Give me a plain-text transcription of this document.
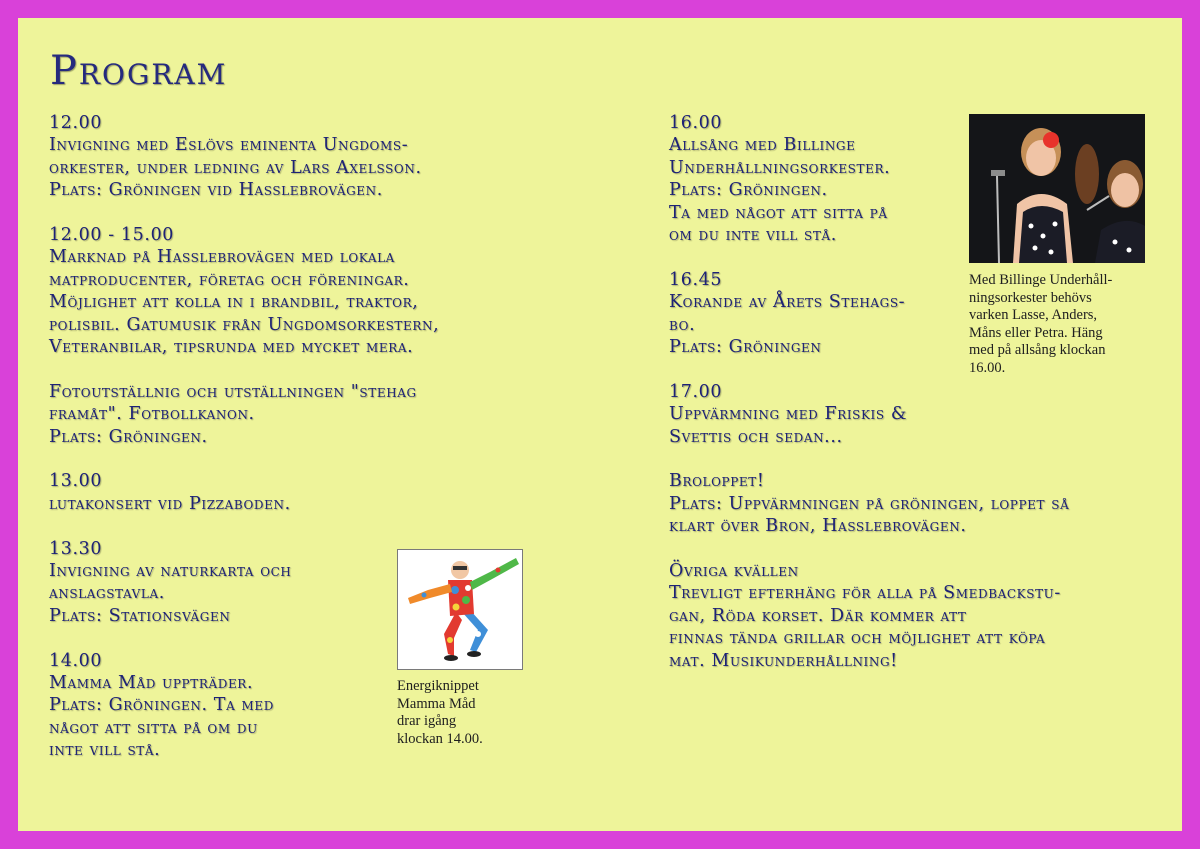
Program
12.00
Invigning med Eslövs eminenta Ungdoms-
orkester, under ledning av Lars Axelsson.
Plats: Gröningen vid Hasslebrovägen.
12.00 - 15.00
Marknad på Hasslebrovägen med lokala
matproducenter, företag och föreningar.
Möjlighet att kolla in i brandbil, traktor,
polisbil. Gatumusik från Ungdomsorkestern,
Veteranbilar, tipsrunda med mycket mera.
Fotoutställnig och utställningen "stehag
framåt". Fotbollkanon.
Plats: Gröningen.
13.00
lutakonsert vid Pizzaboden.
13.30
Invigning av naturkarta och
anslagstavla.
Plats: Stationsvägen
14.00
Mamma Måd uppträder.
Plats: Gröningen. Ta med
något att sitta på om du
inte vill stå.
16.00
Allsång med Billinge
Underhållningsorkester.
Plats: Gröningen.
Ta med något att sitta på
om du inte vill stå.
16.45
Korande av Årets Stehags-
bo.
Plats: Gröningen
17.00
Uppvärmning med Friskis &
Svettis och sedan...
Broloppet!
Plats: Uppvärmningen på gröningen, loppet så
klart över Bron, Hasslebrovägen.
Övriga kvällen
Trevligt efterhäng för alla på Smedbackstu-
gan, Röda korset. Där kommer att
finnas tända grillar och möjlighet att köpa
mat. Musikunderhållning!
Energiknippet
Mamma Måd
drar igång
klockan 14.00.
Med Billinge Underhåll-
ningsorkester behövs
varken Lasse, Anders,
Måns eller Petra. Häng
med på allsång klockan
16.00.
